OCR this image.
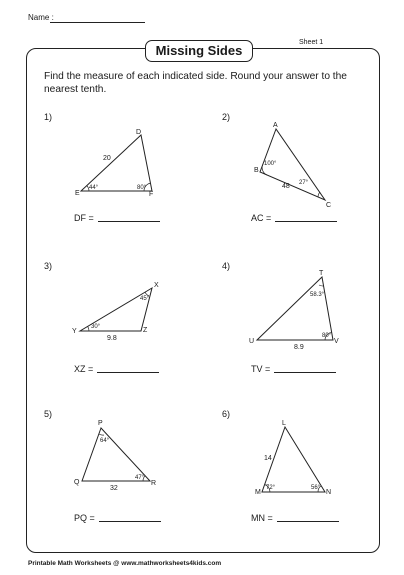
Name :
Missing Sides
Sheet 1
Find the measure of each indicated side. Round your answer to the nearest tenth.
1)
D
E	F
20
44°	80°
DF =
2)
A
B
C
48
100°
27°
AC =
3)
X
Y	Z
9.8
45°
30°
XZ =
4)
T
U	V
8.9
58.3°
80°
TV =
5)
P
Q	R
32
64°
47°
PQ =
6)
L
M	N
14
72°	56°
MN =
Printable Math Worksheets @ www.mathworksheets4kids.com
